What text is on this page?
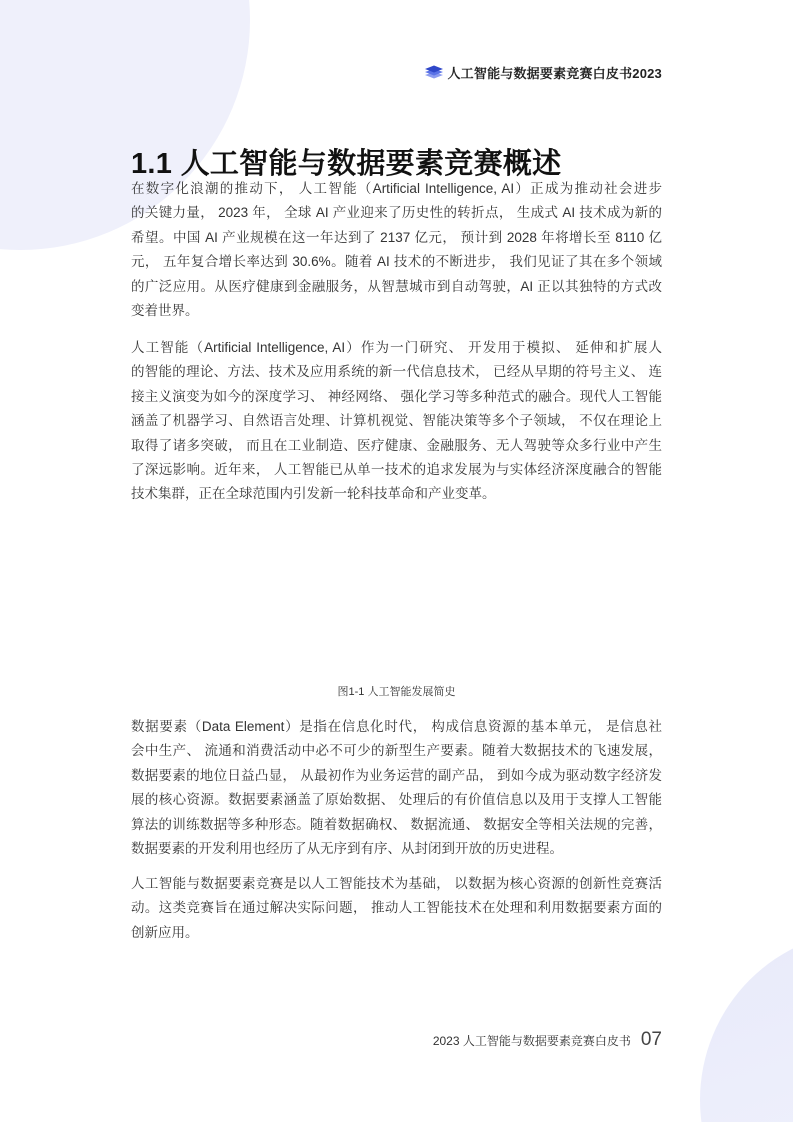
人工智能与数据要素竞赛白皮书2023
1.1 人工智能与数据要素竞赛概述
在数字化浪潮的推动下， 人工智能（Artificial Intelligence, AI）正成为推动社会进步
的关键力量， 2023 年， 全球 AI 产业迎来了历史性的转折点， 生成式 AI 技术成为新的
希望。中国 AI 产业规模在这一年达到了 2137 亿元， 预计到 2028 年将增长至 8110 亿
元， 五年复合增长率达到 30.6%。随着 AI 技术的不断进步， 我们见证了其在多个领域
的广泛应用。从医疗健康到金融服务，从智慧城市到自动驾驶，AI 正以其独特的方式改
变着世界。
人工智能（Artificial Intelligence, AI）作为一门研究、 开发用于模拟、 延伸和扩展人
的智能的理论、方法、技术及应用系统的新一代信息技术， 已经从早期的符号主义、 连
接主义演变为如今的深度学习、 神经网络、 强化学习等多种范式的融合。现代人工智能
涵盖了机器学习、自然语言处理、计算机视觉、智能决策等多个子领域， 不仅在理论上
取得了诸多突破， 而且在工业制造、医疗健康、金融服务、无人驾驶等众多行业中产生
了深远影响。近年来， 人工智能已从单一技术的追求发展为与实体经济深度融合的智能
技术集群，正在全球范围内引发新一轮科技革命和产业变革。
图1-1 人工智能发展简史
数据要素（Data Element）是指在信息化时代， 构成信息资源的基本单元， 是信息社
会中生产、 流通和消费活动中必不可少的新型生产要素。随着大数据技术的飞速发展，
数据要素的地位日益凸显， 从最初作为业务运营的副产品， 到如今成为驱动数字经济发
展的核心资源。数据要素涵盖了原始数据、 处理后的有价值信息以及用于支撑人工智能
算法的训练数据等多种形态。随着数据确权、 数据流通、 数据安全等相关法规的完善，
数据要素的开发利用也经历了从无序到有序、从封闭到开放的历史进程。
人工智能与数据要素竞赛是以人工智能技术为基础， 以数据为核心资源的创新性竞赛活
动。这类竞赛旨在通过解决实际问题， 推动人工智能技术在处理和利用数据要素方面的
创新应用。
2023 人工智能与数据要素竞赛白皮书 07
